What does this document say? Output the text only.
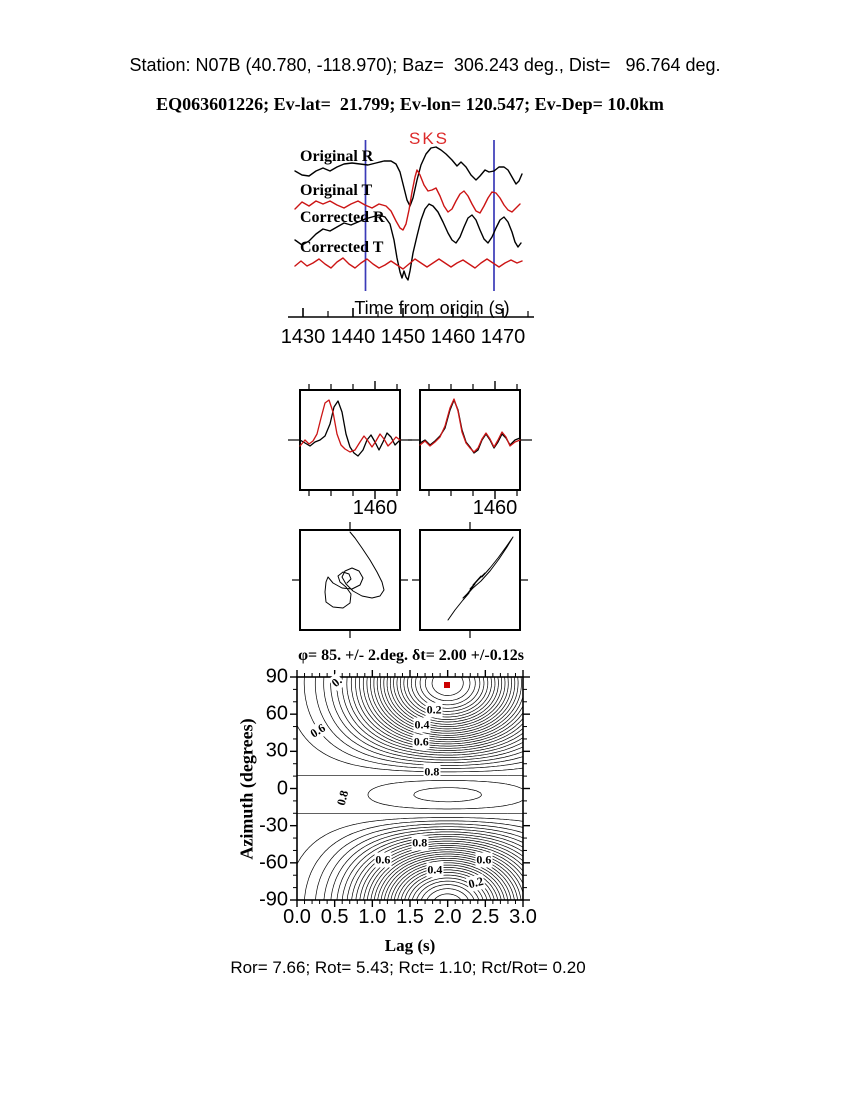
Original R
Original T
Corrected R
Corrected T
1430 1440 1450 1460 1470
1460	1460
0.0 0.5 1.0 1.5 2.0 2.5 3.0
90
60
30
0
-30
-60
-90
0.
0.2
0.4
0.6
0.6
0.8
0.8
0.8
0.6	0.6
0.4
0.2
Station: N07B (40.780, -118.970); Baz=  306.243 deg., Dist=   96.764 deg.
EQ063601226; Ev-lat=  21.799; Ev-lon= 120.547; Ev-Dep= 10.0km
SKS
Time from origin (s)
φ= 85. +/- 2.deg. δt= 2.00 +/-0.12s
Azimuth (degrees)
Lag (s)
Ror= 7.66; Rot= 5.43; Rct= 1.10; Rct/Rot= 0.20
